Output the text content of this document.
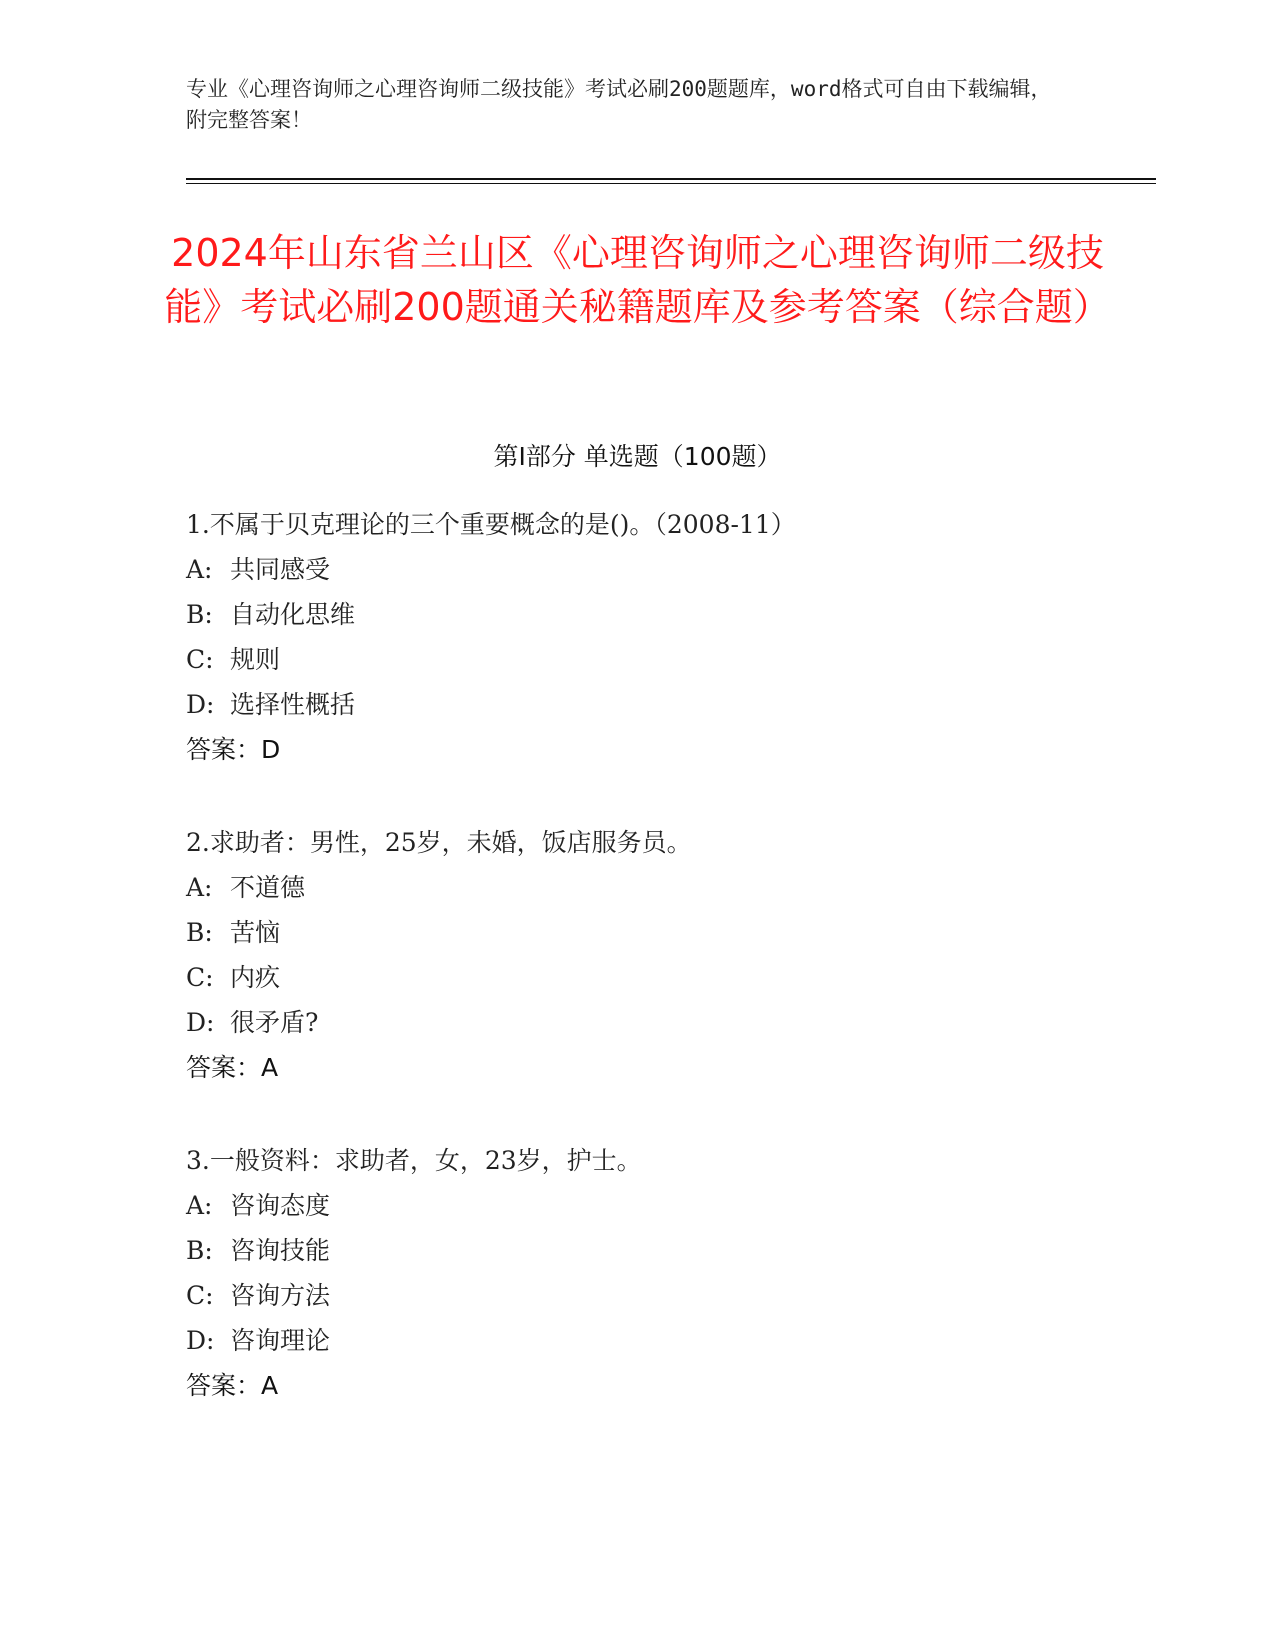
专业《心理咨询师之心理咨询师二级技能》考试必刷200题题库，word格式可自由下载编辑，附完整答案！
2024年山东省兰山区《心理咨询师之心理咨询师二级技能》考试必刷200题通关秘籍题库及参考答案（综合题）
第Ⅰ部分 单选题（100题）
1.不属于贝克理论的三个重要概念的是()。（2008-11）
A: 共同感受
B: 自动化思维
C: 规则
D: 选择性概括
答案：D
2.求助者：男性，25岁，未婚，饭店服务员。
A: 不道德
B: 苦恼
C: 内疚
D: 很矛盾?
答案：A
3.一般资料：求助者，女，23岁，护士。
A: 咨询态度
B: 咨询技能
C: 咨询方法
D: 咨询理论
答案：A
